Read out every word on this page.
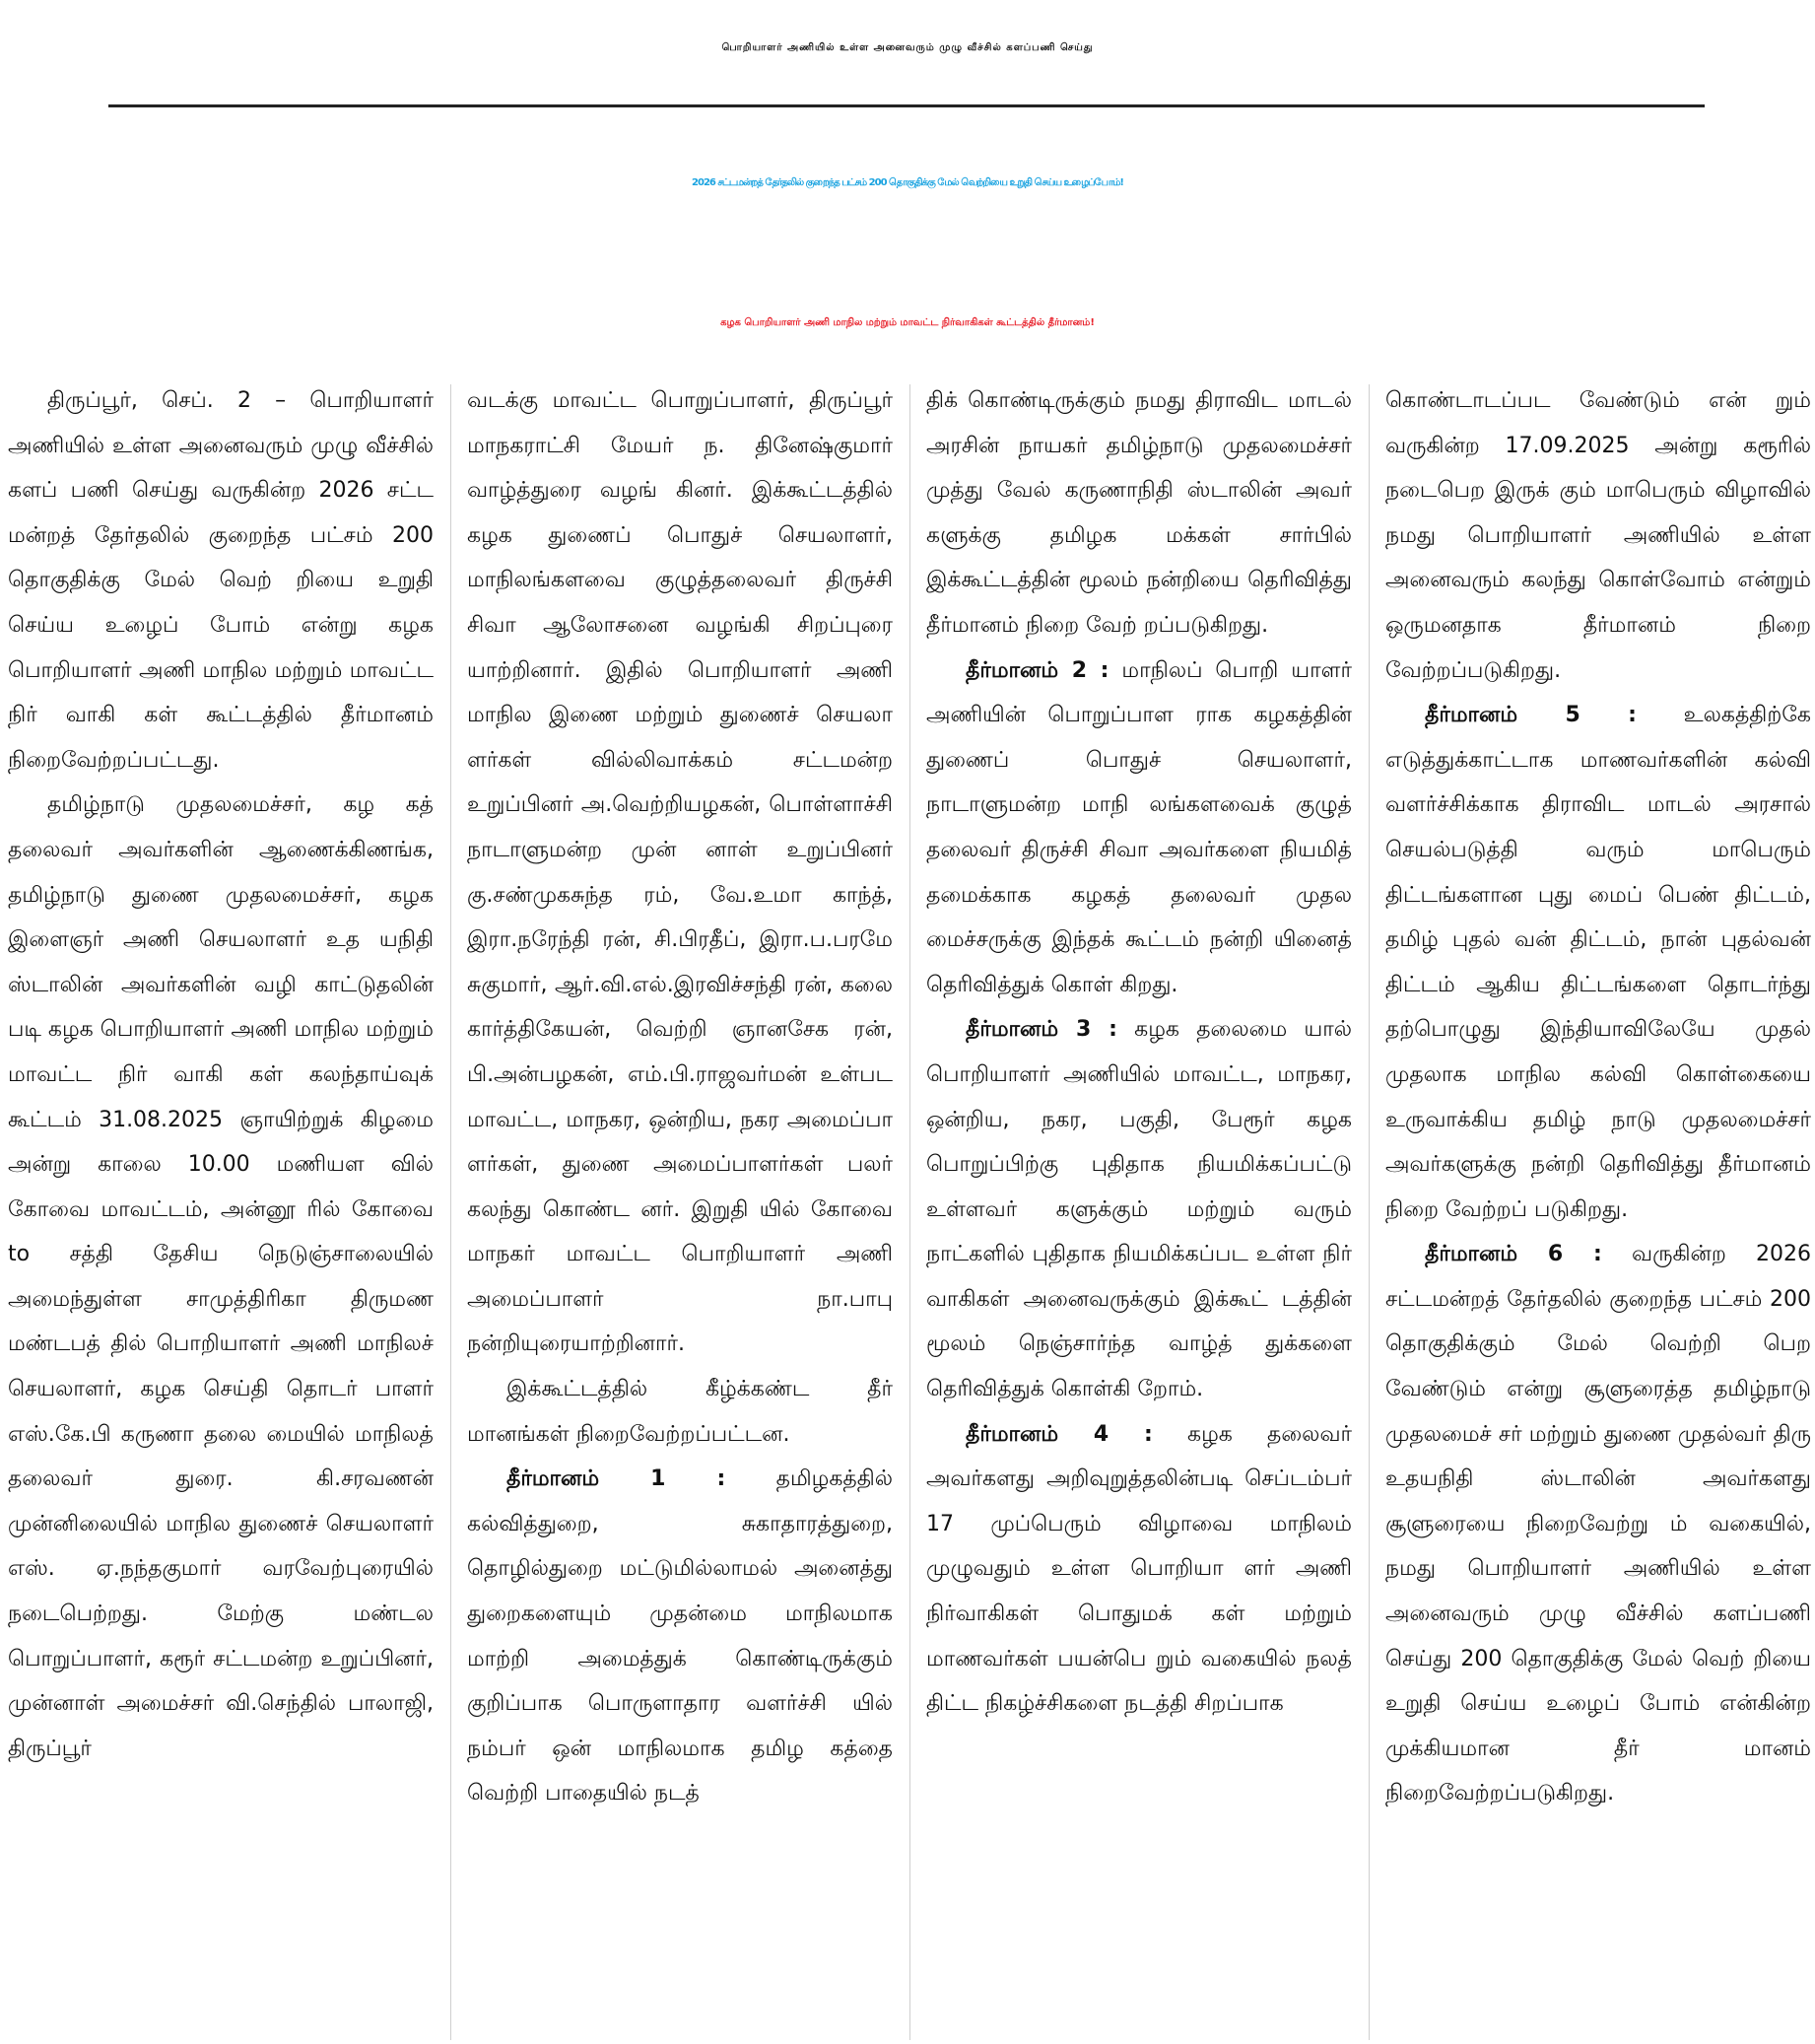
பொறியாளர் அணியில் உள்ள அனைவரும் முழு வீச்சில் களப்பணி செய்து
2026 சட்டமன்றத் தேர்தலில் குறைந்த பட்சம் 200 தொகுதிக்கு மேல் வெற்றியை உறுதி செய்ய உழைப்போம்!
கழக பொறியாளர் அணி மாநில மற்றும் மாவட்ட நிர்வாகிகள் கூட்டத்தில் தீர்மானம்!

திருப்பூர், செப். 2 – பொறியாளர் அணியில் உள்ள அனைவரும் முழு வீச்சில் களப் பணி செய்து வருகின்ற 2026 சட்ட மன்றத் தேர்தலில் குறைந்த பட்சம் 200 தொகுதிக்கு மேல் வெற் றியை உறுதி செய்ய உழைப் போம் என்று கழக பொறியாளர் அணி மாநில மற்றும் மாவட்ட நிர் வாகி கள் கூட்டத்தில் தீர்மானம் நிறைவேற்றப்பட்டது.

தமிழ்நாடு முதலமைச்சர், கழ கத் தலைவர் அவர்களின் ஆணைக்கிணங்க, தமிழ்நாடு துணை முதலமைச்சர், கழக இளைஞர் அணி செயலாளர் உத யநிதி ஸ்டாலின் அவர்களின் வழி காட்டுதலின் படி கழக பொறியாளர் அணி மாநில மற்றும் மாவட்ட நிர் வாகி கள் கலந்தாய்வுக் கூட்டம் 31.08.2025 ஞாயிற்றுக் கிழமை அன்று காலை 10.00 மணியள வில் கோவை மாவட்டம், அன்னூ ரில் கோவை to சத்தி தேசிய நெடுஞ்சாலையில் அமைந்துள்ள சாமுத்திரிகா திருமண மண்டபத் தில் பொறியாளர் அணி மாநிலச் செயலாளர், கழக செய்தி தொடர் பாளர் எஸ்.கே.பி கருணா தலை மையில் மாநிலத் தலைவர் துரை. கி.சரவணன் முன்னிலையில் மாநில துணைச் செயலாளர் எஸ். ஏ.நந்தகுமார் வரவேற்புரையில் நடைபெற்றது. மேற்கு மண்டல பொறுப்பாளர், கரூர் சட்டமன்ற உறுப்பினர், முன்னாள் அமைச்சர் வி.செந்தில் பாலாஜி, திருப்பூர்

வடக்கு மாவட்ட பொறுப்பாளர், திருப்பூர் மாநகராட்சி மேயர் ந. தினேஷ்குமார் வாழ்த்துரை வழங் கினர். இக்கூட்டத்தில் கழக துணைப் பொதுச் செயலாளர், மாநிலங்களவை குழுத்தலைவர் திருச்சி சிவா ஆலோசனை வழங்கி சிறப்புரை யாற்றினார். இதில் பொறியாளர் அணி மாநில இணை மற்றும் துணைச் செயலா ளர்கள் வில்லிவாக்கம் சட்டமன்ற உறுப்பினர் அ.வெற்றியழகன், பொள்ளாச்சி நாடாளுமன்ற முன் னாள் உறுப்பினர் கு.சண்முகசுந்த ரம், வே.உமா காந்த், இரா.நரேந்தி ரன், சி.பிரதீப், இரா.ப.பரமே சுகுமார், ஆர்.வி.எல்.இரவிச்சந்தி ரன், கலை கார்த்திகேயன், வெற்றி ஞானசேக ரன், பி.அன்பழகன், எம்.பி.ராஜவர்மன் உள்பட மாவட்ட, மாநகர, ஒன்றிய, நகர அமைப்பா ளர்கள், துணை அமைப்பாளர்கள் பலர் கலந்து கொண்ட னர். இறுதி யில் கோவை மாநகர் மாவட்ட பொறியாளர் அணி அமைப்பாளர் நா.பாபு நன்றியுரையாற்றினார்.

இக்கூட்டத்தில் கீழ்க்கண்ட தீர் மானங்கள் நிறைவேற்றப்பட்டன.

தீர்மானம் 1 : தமிழகத்தில் கல்வித்துறை, சுகாதாரத்துறை, தொழில்துறை மட்டுமில்லாமல் அனைத்து துறைகளையும் முதன்மை மாநிலமாக மாற்றி அமைத்துக் கொண்டிருக்கும் குறிப்பாக பொருளாதார வளர்ச்சி யில் நம்பர் ஒன் மாநிலமாக தமிழ கத்தை வெற்றி பாதையில் நடத்

திக் கொண்டிருக்கும் நமது திராவிட மாடல் அரசின் நாயகர் தமிழ்நாடு முதலமைச்சர் முத்து வேல் கருணாநிதி ஸ்டாலின் அவர் களுக்கு தமிழக மக்கள் சார்பில் இக்கூட்டத்தின் மூலம் நன்றியை தெரிவித்து தீர்மானம் நிறை வேற் றப்படுகிறது.

தீர்மானம் 2 : மாநிலப் பொறி யாளர் அணியின் பொறுப்பாள ராக கழகத்தின் துணைப் பொதுச் செயலாளர், நாடாளுமன்ற மாநி லங்களவைக் குழுத் தலைவர் திருச்சி சிவா அவர்களை நியமித் தமைக்காக கழகத் தலைவர் முதல மைச்சருக்கு இந்தக் கூட்டம் நன்றி யினைத் தெரிவித்துக் கொள் கிறது.

தீர்மானம் 3 : கழக தலைமை யால் பொறியாளர் அணியில் மாவட்ட, மாநகர, ஒன்றிய, நகர, பகுதி, பேரூர் கழக பொறுப்பிற்கு புதிதாக நியமிக்கப்பட்டு உள்ளவர் களுக்கும் மற்றும் வரும் நாட்களில் புதிதாக நியமிக்கப்பட உள்ள நிர் வாகிகள் அனைவருக்கும் இக்கூட் டத்தின் மூலம் நெஞ்சார்ந்த வாழ்த் துக்களை தெரிவித்துக் கொள்கி றோம்.

தீர்மானம் 4 : கழக தலைவர் அவர்களது அறிவுறுத்தலின்படி செப்டம்பர் 17 முப்பெரும் விழாவை மாநிலம் முழுவதும் உள்ள பொறியா ளர் அணி நிர்வாகிகள் பொதுமக் கள் மற்றும் மாணவர்கள் பயன்பெ றும் வகையில் நலத் திட்ட நிகழ்ச்சிகளை நடத்தி சிறப்பாக

கொண்டாடப்பட வேண்டும் என் றும் வருகின்ற 17.09.2025 அன்று கரூரில் நடைபெற இருக் கும் மாபெரும் விழாவில் நமது பொறியாளர் அணியில் உள்ள அனைவரும் கலந்து கொள்வோம் என்றும் ஒருமனதாக தீர்மானம் நிறை வேற்றப்படுகிறது.

தீர்மானம் 5 : உலகத்திற்கே எடுத்துக்காட்டாக மாணவர்களின் கல்வி வளர்ச்சிக்காக திராவிட மாடல் அரசால் செயல்படுத்தி வரும் மாபெரும் திட்டங்களான புது மைப் பெண் திட்டம், தமிழ் புதல் வன் திட்டம், நான் புதல்வன் திட்டம் ஆகிய திட்டங்களை தொடர்ந்து தற்பொழுது இந்தியாவிலேயே முதல் முதலாக மாநில கல்வி கொள்கையை உருவாக்கிய தமிழ் நாடு முதலமைச்சர் அவர்களுக்கு நன்றி தெரிவித்து தீர்மானம் நிறை வேற்றப் படுகிறது.

தீர்மானம் 6 : வருகின்ற 2026 சட்டமன்றத் தேர்தலில் குறைந்த பட்சம் 200 தொகுதிக்கும் மேல் வெற்றி பெற வேண்டும் என்று சூளுரைத்த தமிழ்நாடு முதலமைச் சர் மற்றும் துணை முதல்வர் திரு உதயநிதி ஸ்டாலின் அவர்களது சூளுரையை நிறைவேற்று ம் வகையில், நமது பொறியாளர் அணியில் உள்ள அனைவரும் முழு வீச்சில் களப்பணி செய்து 200 தொகுதிக்கு மேல் வெற் றியை உறுதி செய்ய உழைப் போம் என்கின்ற முக்கியமான தீர் மானம் நிறைவேற்றப்படுகிறது.
